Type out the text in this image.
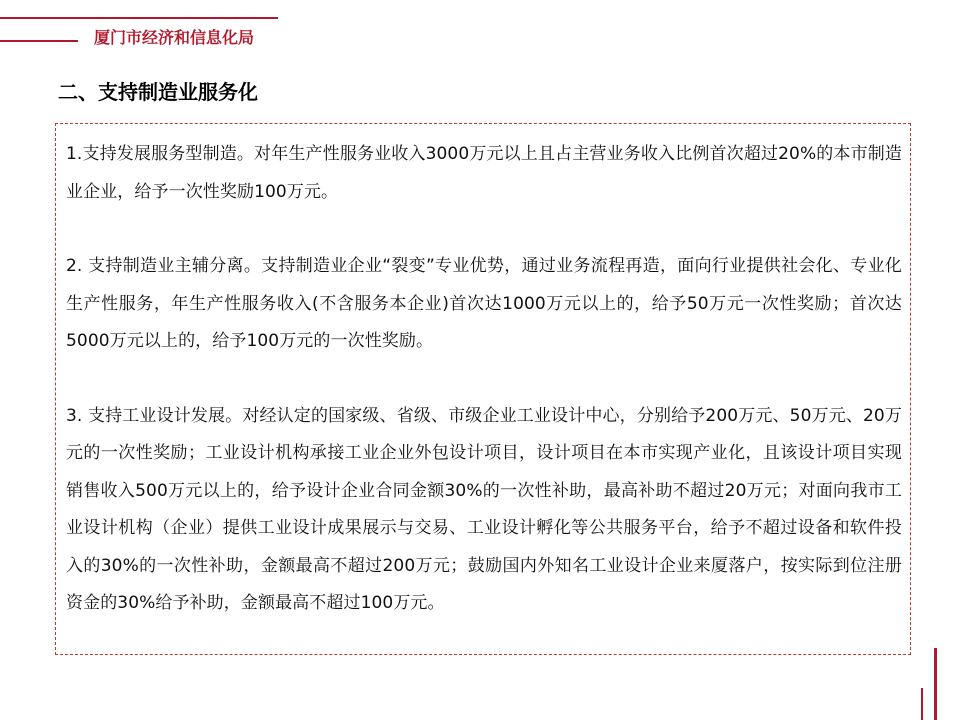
厦门市经济和信息化局
二、支持制造业服务化

1.支持发展服务型制造。对年生产性服务业收入3000万元以上且占主营业务收入比例首次超过20%的本市制造业企业，给予一次性奖励100万元。

2. 支持制造业主辅分离。支持制造业企业“裂变”专业优势，通过业务流程再造，面向行业提供社会化、专业化生产性服务，年生产性服务收入(不含服务本企业)首次达1000万元以上的，给予50万元一次性奖励；首次达5000万元以上的，给予100万元的一次性奖励。

3. 支持工业设计发展。对经认定的国家级、省级、市级企业工业设计中心，分别给予200万元、50万元、20万元的一次性奖励；工业设计机构承接工业企业外包设计项目，设计项目在本市实现产业化，且该设计项目实现销售收入500万元以上的，给予设计企业合同金额30%的一次性补助，最高补助不超过20万元；对面向我市工业设计机构（企业）提供工业设计成果展示与交易、工业设计孵化等公共服务平台，给予不超过设备和软件投入的30%的一次性补助，金额最高不超过200万元；鼓励国内外知名工业设计企业来厦落户，按实际到位注册资金的30%给予补助，金额最高不超过100万元。
